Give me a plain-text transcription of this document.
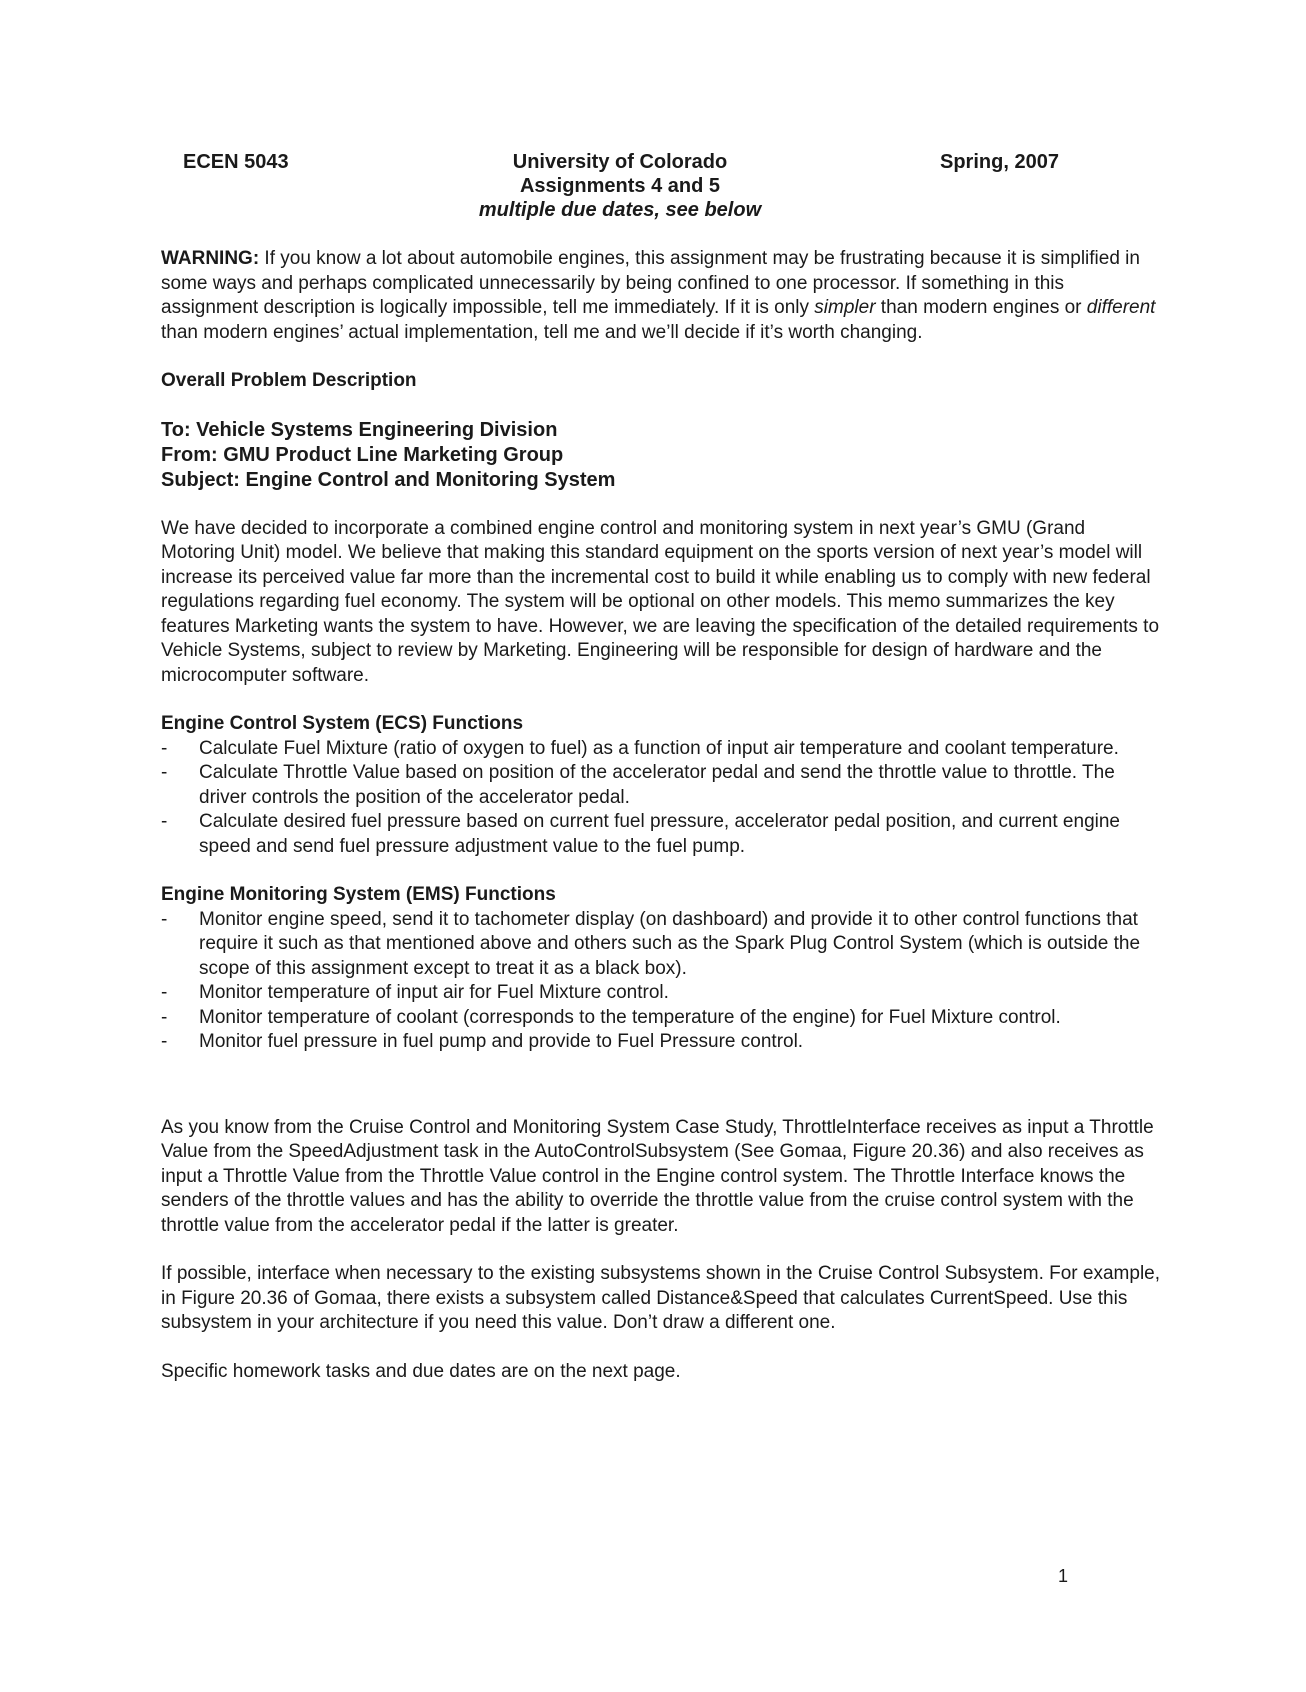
ECEN 5043	University of Colorado
Assignments 4 and 5
multiple due dates, see below
Spring, 2007

WARNING: If you know a lot about automobile engines, this assignment may be frustrating because it is simplified in some ways and perhaps complicated unnecessarily by being confined to one processor. If something in this assignment description is logically impossible, tell me immediately. If it is only simpler than modern engines or different than modern engines’ actual implementation, tell me and we’ll decide if it’s worth changing.

Overall Problem Description

To: Vehicle Systems Engineering Division

From: GMU Product Line Marketing Group

Subject: Engine Control and Monitoring System

We have decided to incorporate a combined engine control and monitoring system in next year’s GMU (Grand Motoring Unit) model. We believe that making this standard equipment on the sports version of next year’s model will increase its perceived value far more than the incremental cost to build it while enabling us to comply with new federal regulations regarding fuel economy. The system will be optional on other models. This memo summarizes the key features Marketing wants the system to have. However, we are leaving the specification of the detailed requirements to Vehicle Systems, subject to review by Marketing. Engineering will be responsible for design of hardware and the microcomputer software.

Engine Control System (ECS) Functions

- Calculate Fuel Mixture (ratio of oxygen to fuel) as a function of input air temperature and coolant temperature.
- Calculate Throttle Value based on position of the accelerator pedal and send the throttle value to throttle. The driver controls the position of the accelerator pedal.
- Calculate desired fuel pressure based on current fuel pressure, accelerator pedal position, and current engine speed and send fuel pressure adjustment value to the fuel pump.

Engine Monitoring System (EMS) Functions

- Monitor engine speed, send it to tachometer display (on dashboard) and provide it to other control functions that require it such as that mentioned above and others such as the Spark Plug Control System (which is outside the scope of this assignment except to treat it as a black box).
- Monitor temperature of input air for Fuel Mixture control.
- Monitor temperature of coolant (corresponds to the temperature of the engine) for Fuel Mixture control.
- Monitor fuel pressure in fuel pump and provide to Fuel Pressure control.

As you know from the Cruise Control and Monitoring System Case Study, ThrottleInterface receives as input a Throttle Value from the SpeedAdjustment task in the AutoControlSubsystem (See Gomaa, Figure 20.36) and also receives as input a Throttle Value from the Throttle Value control in the Engine control system. The Throttle Interface knows the senders of the throttle values and has the ability to override the throttle value from the cruise control system with the throttle value from the accelerator pedal if the latter is greater.

If possible, interface when necessary to the existing subsystems shown in the Cruise Control Subsystem. For example, in Figure 20.36 of Gomaa, there exists a subsystem called Distance&Speed that calculates CurrentSpeed. Use this subsystem in your architecture if you need this value. Don’t draw a different one.

Specific homework tasks and due dates are on the next page.

1
